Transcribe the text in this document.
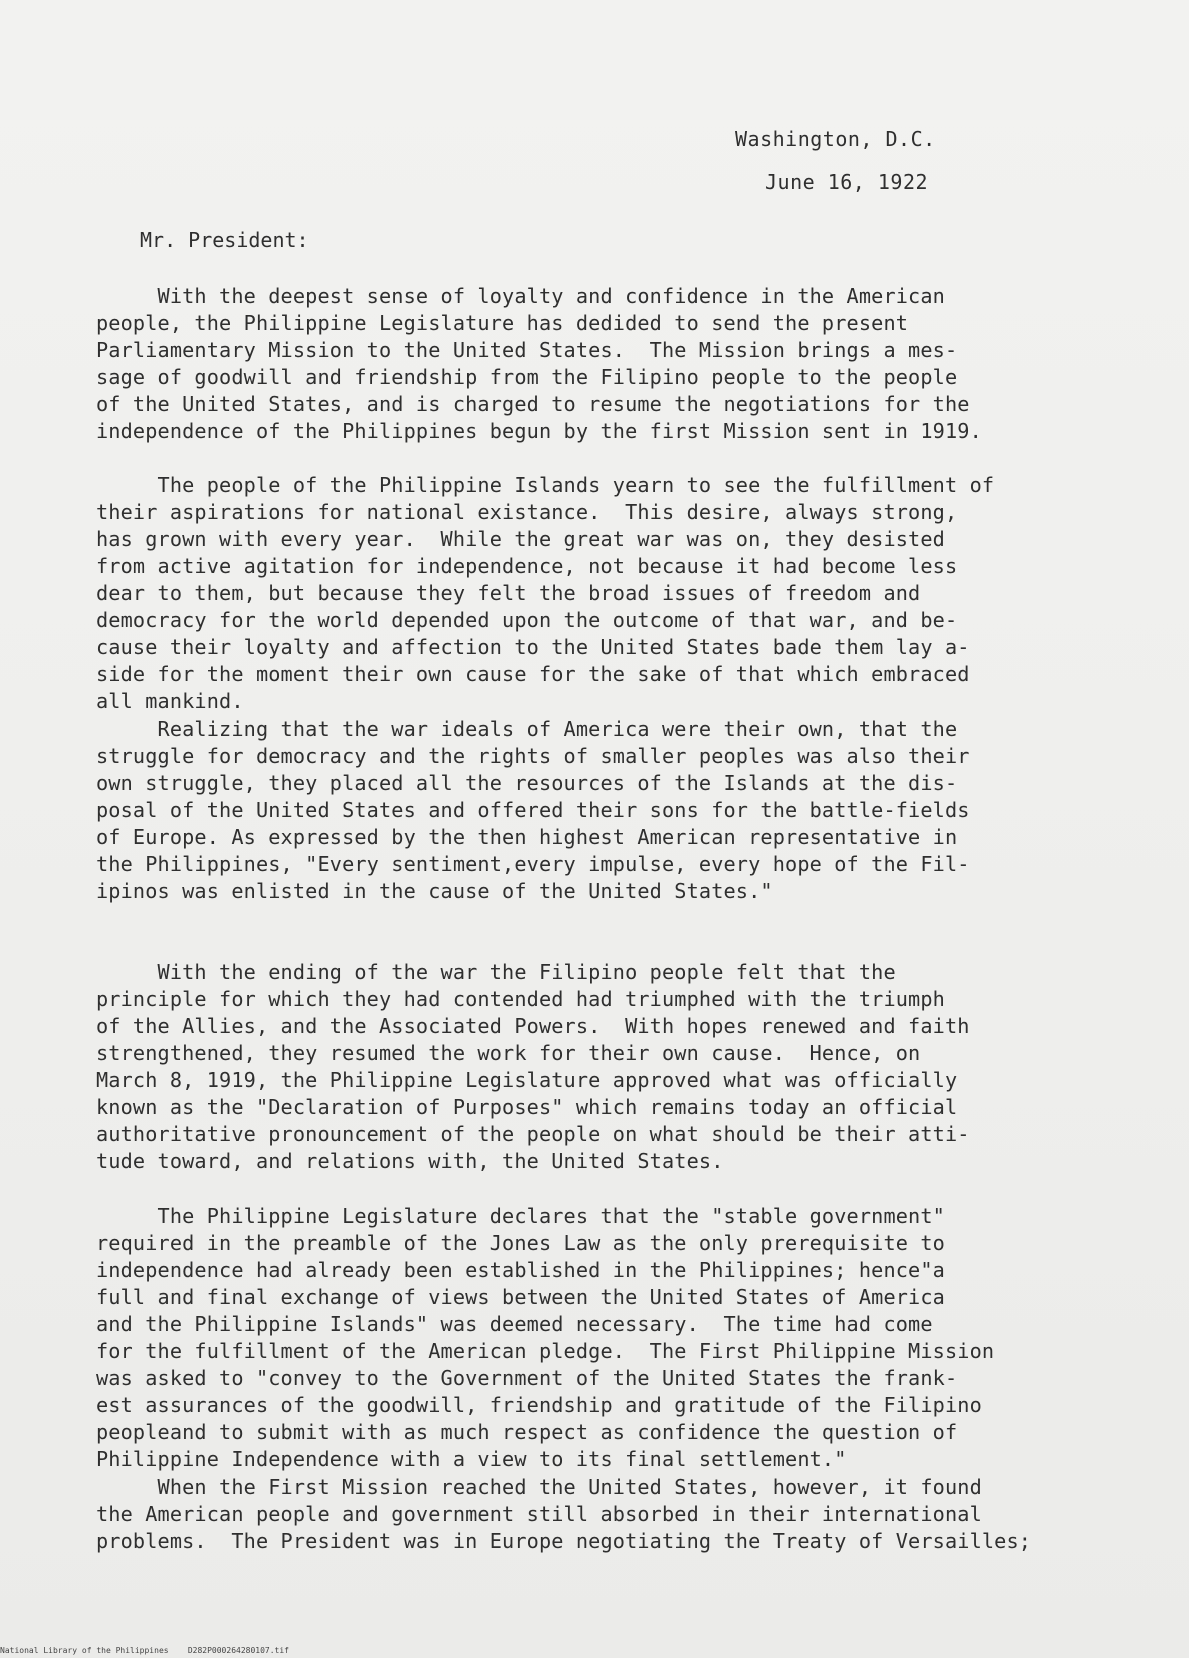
Washington, D.C.
June 16, 1922
Mr. President:
With the deepest sense of loyalty and confidence in the American
people, the Philippine Legislature has dedided to send the present
Parliamentary Mission to the United States.  The Mission brings a mes-
sage of goodwill and friendship from the Filipino people to the people
of the United States, and is charged to resume the negotiations for the
independence of the Philippines begun by the first Mission sent in 1919.
The people of the Philippine Islands yearn to see the fulfillment of
their aspirations for national existance.  This desire, always strong,
has grown with every year.  While the great war was on, they desisted
from active agitation for independence, not because it had become less
dear to them, but because they felt the broad issues of freedom and
democracy for the world depended upon the outcome of that war, and be-
cause their loyalty and affection to the United States bade them lay a-
side for the moment their own cause for the sake of that which embraced
all mankind.
Realizing that the war ideals of America were their own, that the
struggle for democracy and the rights of smaller peoples was also their
own struggle, they placed all the resources of the Islands at the dis-
posal of the United States and offered their sons for the battle-fields
of Europe. As expressed by the then highest American representative in
the Philippines, "Every sentiment,every impulse, every hope of the Fil-
ipinos was enlisted in the cause of the United States."
With the ending of the war the Filipino people felt that the
principle for which they had contended had triumphed with the triumph
of the Allies, and the Associated Powers.  With hopes renewed and faith
strengthened, they resumed the work for their own cause.  Hence, on
March 8, 1919, the Philippine Legislature approved what was officially
known as the "Declaration of Purposes" which remains today an official
authoritative pronouncement of the people on what should be their atti-
tude toward, and relations with, the United States.
The Philippine Legislature declares that the "stable government"
required in the preamble of the Jones Law as the only prerequisite to
independence had already been established in the Philippines; hence"a
full and final exchange of views between the United States of America
and the Philippine Islands" was deemed necessary.  The time had come
for the fulfillment of the American pledge.  The First Philippine Mission
was asked to "convey to the Government of the United States the frank-
est assurances of the goodwill, friendship and gratitude of the Filipino
peopleand to submit with as much respect as confidence the question of
Philippine Independence with a view to its final settlement."
When the First Mission reached the United States, however, it found
the American people and government still absorbed in their international
problems.  The President was in Europe negotiating the Treaty of Versailles;
National Library of the Philippines    D282P000264280107.tif
